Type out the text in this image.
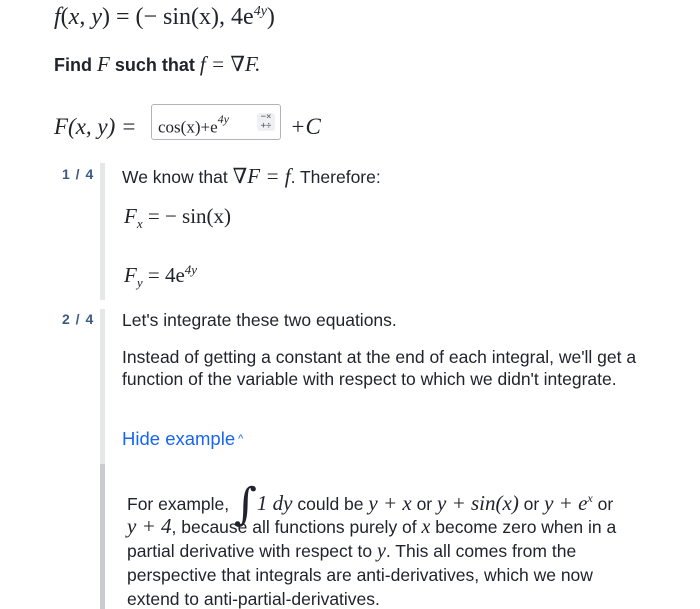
f(x, y) = (− sin(x), $4e^{4y}$)
Find F such that f = ∇F.
F(x, $y) = \cos(x)+e^{4y}$	−×
+÷ +C
1 / 4 We know that ∇F = f. Therefore:
$F_x$ = − sin(x)
$F_y = 4e^{4y}$
2 / 4 Let's integrate these two equations.
Instead of getting a constant at the end of each integral, we'll get a function of the variable with respect to which we didn't integrate.
Hide example ^
For example, ∫1 dy could be y + x or y + sin(x) or $y + e^x$ or
y + 4, because all functions purely of x become zero when in a partial derivative with respect to y. This all comes from the perspective that integrals are anti-derivatives, which we now extend to anti-partial-derivatives.
